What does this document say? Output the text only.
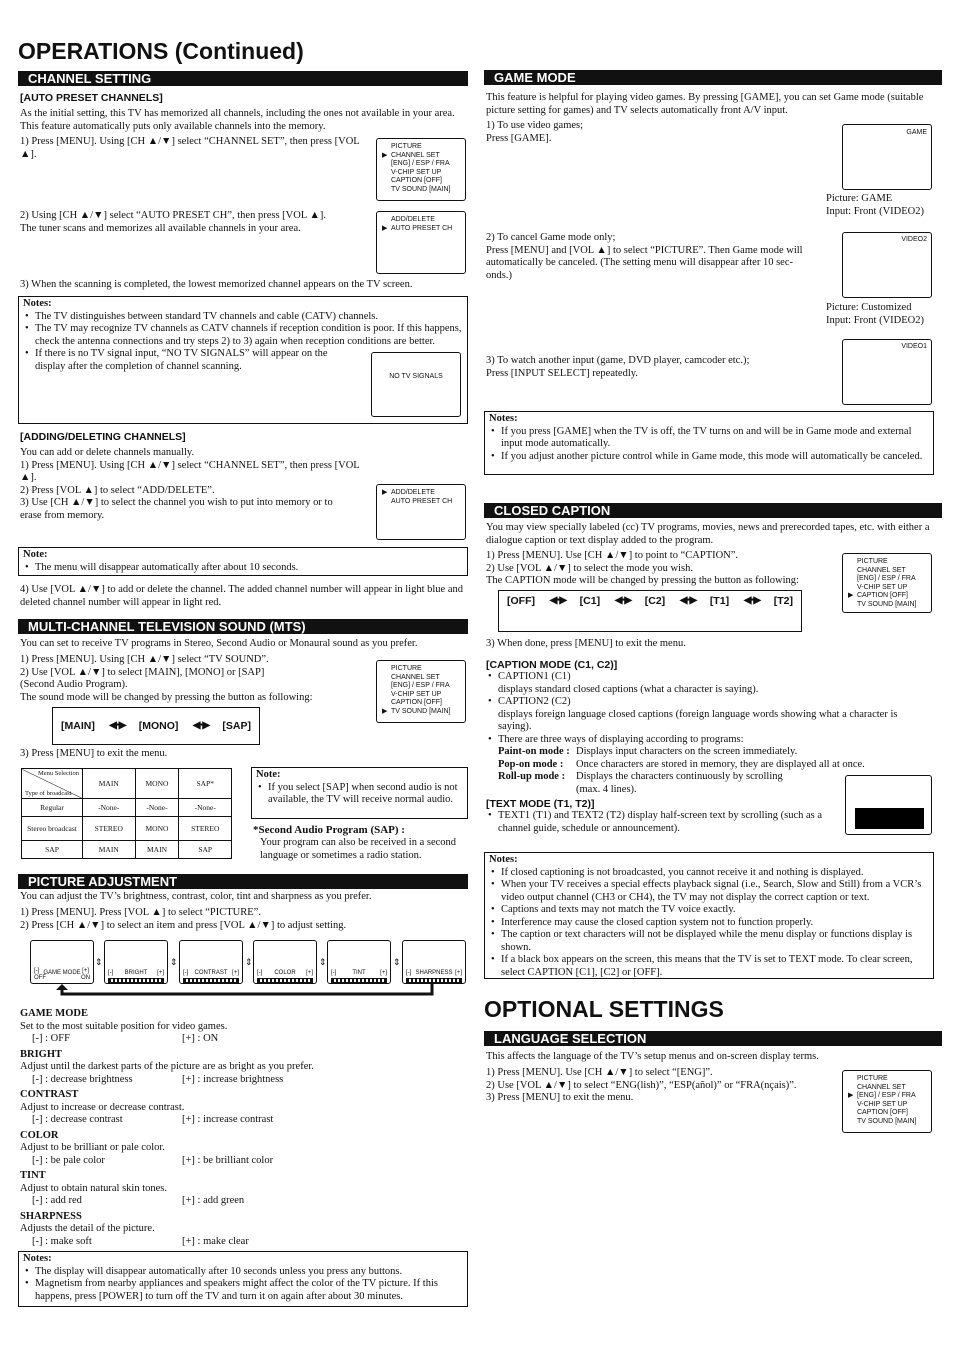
OPERATIONS (Continued)
CHANNEL SETTING
[AUTO PRESET CHANNELS]
As the initial setting, this TV has memorized all channels, including the ones not available in your area. This feature automatically puts only available channels into the memory.
1) Press [MENU]. Using [CH ▲/▼] select “CHANNEL SET”, then press [VOL ▲].
PICTURE
▶ CHANNEL SET
[ENG] / ESP / FRA
V-CHIP SET UP
CAPTION [OFF]
TV SOUND [MAIN]
2) Using [CH ▲/▼] select “AUTO PRESET CH”, then press [VOL ▲].
The tuner scans and memorizes all available channels in your area.
ADD/DELETE
▶ AUTO PRESET CH
3) When the scanning is completed, the lowest memorized channel appears on the TV screen.
Notes:
• The TV distinguishes between standard TV channels and cable (CATV) channels.
• The TV may recognize TV channels as CATV channels if reception condition is poor. If this happens, check the antenna connections and try steps 2) to 3) again when reception conditions are better.
• If there is no TV signal input, “NO TV SIGNALS” will appear on the display after the completion of channel scanning.
NO TV SIGNALS
[ADDING/DELETING CHANNELS]
You can add or delete channels manually.
1) Press [MENU]. Using [CH ▲/▼] select “CHANNEL SET”, then press [VOL ▲].
2) Press [VOL ▲] to select “ADD/DELETE”.
3) Use [CH ▲/▼] to select the channel you wish to put into memory or to
erase from memory.
▶ ADD/DELETE
AUTO PRESET CH
Note:
• The menu will disappear automatically after about 10 seconds.
4) Use [VOL ▲/▼] to add or delete the channel. The added channel number will appear in light blue and deleted channel number will appear in light red.
MULTI-CHANNEL TELEVISION SOUND (MTS)
You can set to receive TV programs in Stereo, Second Audio or Monaural sound as you prefer.
1) Press [MENU]. Using [CH ▲/▼] select “TV SOUND”.
2) Use [VOL ▲/▼] to select [MAIN], [MONO] or [SAP]
(Second Audio Program).
The sound mode will be changed by pressing the button as following:
PICTURE
CHANNEL SET
[ENG] / ESP / FRA
V-CHIP SET UP
CAPTION [OFF]
▶ TV SOUND [MAIN]
[MAIN] ◀━▶ [MONO] ◀━▶ [SAP]
3) Press [MENU] to exit the menu.
Menu Selection
Type of broadcast	MAIN	MONO	SAP*
Regular	-None-	-None-	-None-
Stereo broadcast	STEREO	MONO	STEREO
SAP	MAIN	MAIN	SAP
Note:
• If you select [SAP] when second audio is not available, the TV will receive normal audio.
*Second Audio Program (SAP) :
Your program can also be received in a second language or sometimes a radio station.
PICTURE ADJUSTMENT
You can adjust the TV’s brightness, contrast, color, tint and sharpness as you prefer.
1) Press [MENU]. Press [VOL ▲] to select “PICTURE”.
2) Press [CH ▲/▼] to select an item and press [VOL ▲/▼] to adjust setting.
[-]
OFF
GAME MODE [+]
ON
⇕
[-]	BRIGHT	[+]
⇕
[-]	CONTRAST [+]
⇕
[-]	COLOR	[+]
⇕
[-]	TINT	[+]
⇕
[-] SHARPNESS [+]
GAME MODE
Set to the most suitable position for video games.
[-] : OFF	[+] : ON
BRIGHT
Adjust until the darkest parts of the picture are as bright as you prefer.
[-] : decrease brightness	[+] : increase brightness
CONTRAST
Adjust to increase or decrease contrast.
[-] : decrease contrast	[+] : increase contrast
COLOR
Adjust to be brilliant or pale color.
[-] : be pale color	[+] : be brilliant color
TINT
Adjust to obtain natural skin tones.
[-] : add red	[+] : add green
SHARPNESS
Adjusts the detail of the picture.
[-] : make soft	[+] : make clear
Notes:
• The display will disappear automatically after 10 seconds unless you press any buttons.
• Magnetism from nearby appliances and speakers might affect the color of the TV picture. If this happens, press [POWER] to turn off the TV and turn it on again after about 30 minutes.
GAME MODE
This feature is helpful for playing video games. By pressing [GAME], you can set Game mode (suitable picture setting for games) and TV selects automatically front A/V input.
1) To use video games;
Press [GAME].	GAME
Picture: GAME
Input: Front (VIDEO2)
2) To cancel Game mode only;
Press [MENU] and [VOL ▲] to select “PICTURE”. Then Game mode will
automatically be canceled. (The setting menu will disappear after 10 sec-
onds.)
VIDEO2
Picture: Customized
Input: Front (VIDEO2)
3) To watch another input (game, DVD player, camcoder etc.);
Press [INPUT SELECT] repeatedly.
VIDEO1
Notes:
• If you press [GAME] when the TV is off, the TV turns on and will be in Game mode and external input mode automatically.
• If you adjust another picture control while in Game mode, this mode will automatically be canceled.
CLOSED CAPTION
You may view specially labeled (cc) TV programs, movies, news and prerecorded tapes, etc. with either a dialogue caption or text display added to the program.
1) Press [MENU]. Use [CH ▲/▼] to point to “CAPTION”.
2) Use [VOL ▲/▼] to select the mode you wish.
The CAPTION mode will be changed by pressing the button as following:
PICTURE
CHANNEL SET
[ENG] / ESP / FRA
V-CHIP SET UP
▶ CAPTION [OFF]
TV SOUND [MAIN]
[OFF] ◀━▶ [C1] ◀━▶ [C2] ◀━▶ [T1] ◀━▶ [T2]
3) When done, press [MENU] to exit the menu.
[CAPTION MODE (C1, C2)]
• CAPTION1 (C1)
displays standard closed captions (what a character is saying).
• CAPTION2 (C2)
displays foreign language closed captions (foreign language words showing what a character is saying).
• There are three ways of displaying according to programs:
Paint-on mode : Displays input characters on the screen immediately.
Pop-on mode : Once characters are stored in memory, they are displayed all at once.
Roll-up mode :	Displays the characters continuously by scrolling
(max. 4 lines).
[TEXT MODE (T1, T2)]
• TEXT1 (T1) and TEXT2 (T2) display half-screen text by scrolling (such as a channel guide, schedule or announcement).
Notes:
• If closed captioning is not broadcasted, you cannot receive it and nothing is displayed.
• When your TV receives a special effects playback signal (i.e., Search, Slow and Still) from a VCR’s video output channel (CH3 or CH4), the TV may not display the correct caption or text.
• Captions and texts may not match the TV voice exactly.
• Interference may cause the closed caption system not to function properly.
• The caption or text characters will not be displayed while the menu display or functions display is shown.
• If a black box appears on the screen, this means that the TV is set to TEXT mode. To clear screen, select CAPTION [C1], [C2] or [OFF].
OPTIONAL SETTINGS
LANGUAGE SELECTION
This affects the language of the TV’s setup menus and on-screen display terms.
1) Press [MENU]. Use [CH ▲/▼] to select “[ENG]”.
2) Use [VOL ▲/▼] to select “ENG(lish)”, “ESP(añol)” or “FRA(nçais)”.
3) Press [MENU] to exit the menu.
PICTURE
CHANNEL SET
▶ [ENG] / ESP / FRA
V-CHIP SET UP
CAPTION [OFF]
TV SOUND [MAIN]
